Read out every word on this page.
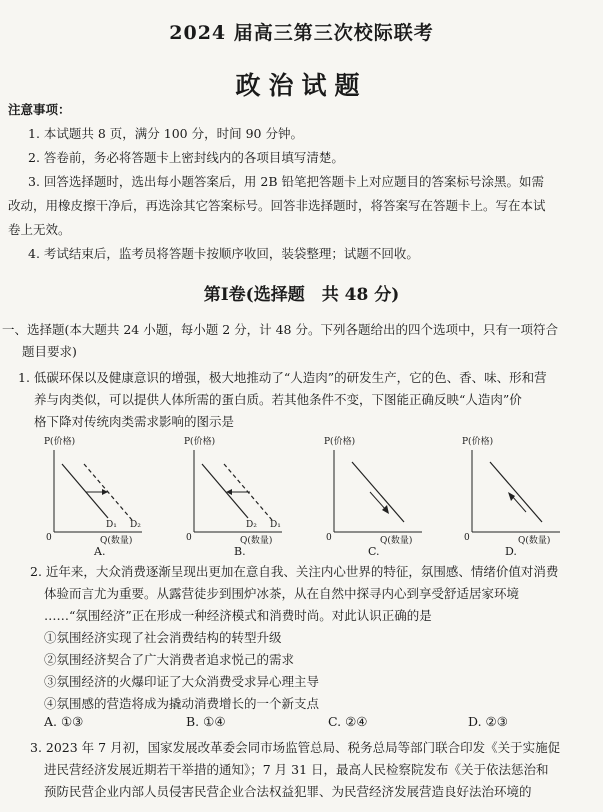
2024 届高三第三次校际联考
政治试题
注意事项：
1. 本试题共 8 页，满分 100 分，时间 90 分钟。
2. 答卷前，务必将答题卡上密封线内的各项目填写清楚。
3. 回答选择题时，选出每小题答案后，用 2B 铅笔把答题卡上对应题目的答案标号涂黑。如需
改动，用橡皮擦干净后，再选涂其它答案标号。回答非选择题时，将答案写在答题卡上。写在本试
卷上无效。
4. 考试结束后，监考员将答题卡按顺序收回，装袋整理；试题不回收。
第Ⅰ卷(选择题　共 48 分)
一、选择题(本大题共 24 小题，每小题 2 分，计 48 分。下列各题给出的四个选项中，只有一项符合
题目要求)
1. 低碳环保以及健康意识的增强，极大地推动了“人造肉”的研发生产，它的色、香、味、形和营
养与肉类似，可以提供人体所需的蛋白质。若其他条件不变，下图能正确反映“人造肉”价
格下降对传统肉类需求影响的图示是
P(价格)
0	Q(数量)
D₁ D₂
A.
P(价格)
0	Q(数量)
D₂ D₁
B.
P(价格)
0	Q(数量)
C.
P(价格)
0	Q(数量)
D.
2. 近年来，大众消费逐渐呈现出更加在意自我、关注内心世界的特征，氛围感、情绪价值对消费
体验而言尤为重要。从露营徒步到围炉冰茶，从在自然中探寻内心到享受舒适居家环境
……“氛围经济”正在形成一种经济模式和消费时尚。对此认识正确的是
①氛围经济实现了社会消费结构的转型升级
②氛围经济契合了广大消费者追求悦己的需求
③氛围经济的火爆印证了大众消费受求异心理主导
④氛围感的营造将成为撬动消费增长的一个新支点
A. ①③	B. ①④	C. ②④	D. ②③
3. 2023 年 7 月初，国家发展改革委会同市场监管总局、税务总局等部门联合印发《关于实施促
进民营经济发展近期若干举措的通知》；7 月 31 日，最高人民检察院发布《关于依法惩治和
预防民营企业内部人员侵害民营企业合法权益犯罪、为民营经济发展营造良好法治环境的
